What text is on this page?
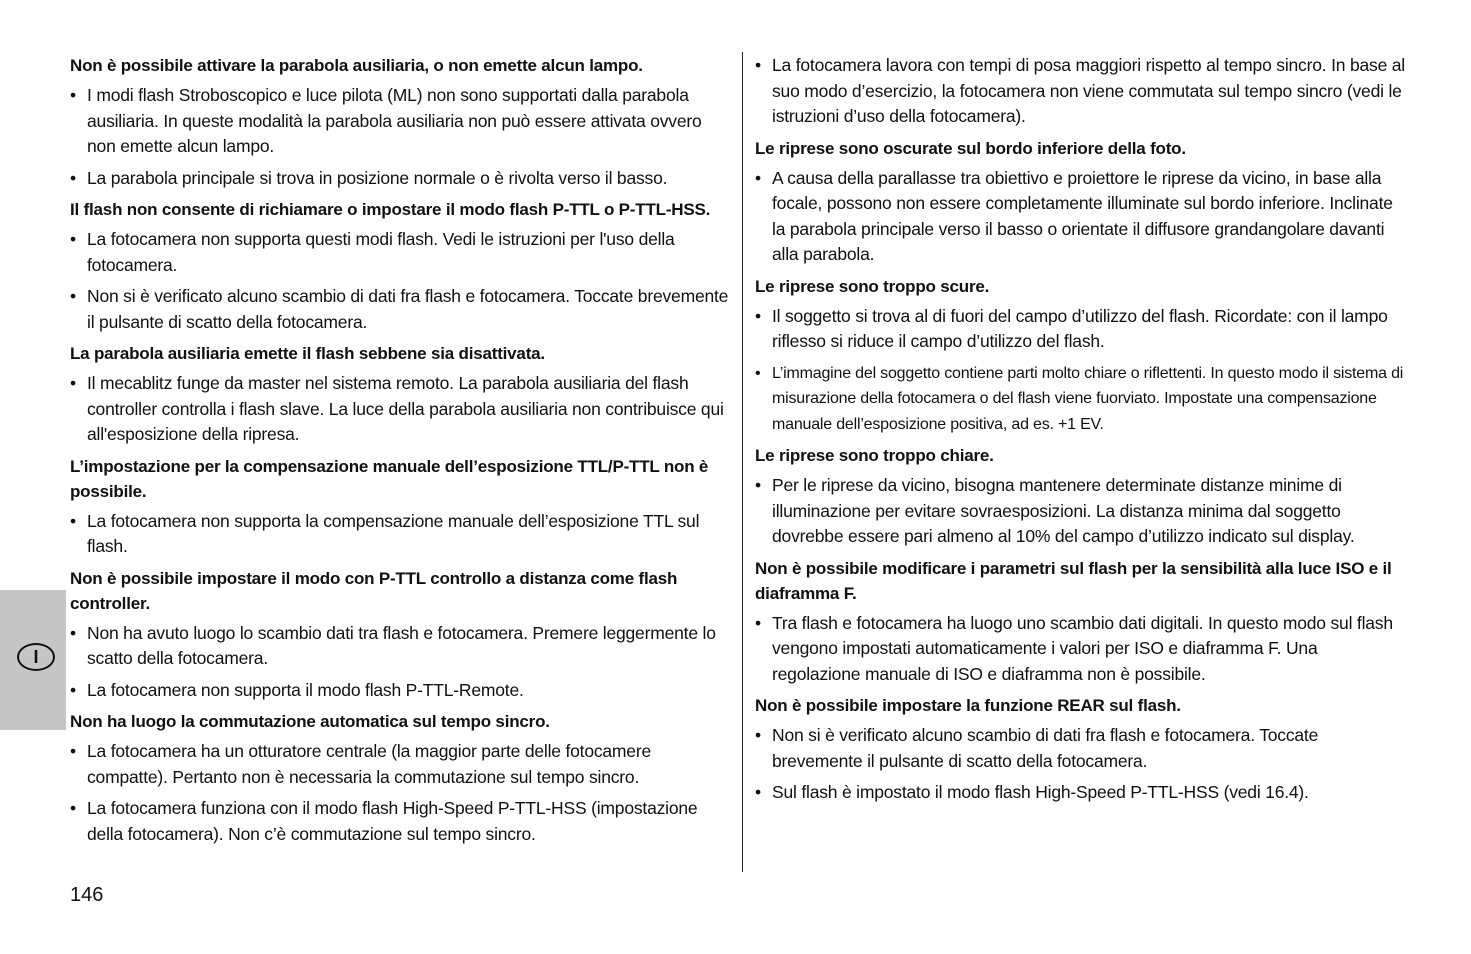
I
Non è possibile attivare la parabola ausiliaria, o non emette alcun lampo.
• I modi flash Stroboscopico e luce pilota (ML) non sono supportati dalla parabola ausiliaria. In queste modalità la parabola ausiliaria non può essere attivata ovvero non emette alcun lampo.
• La parabola principale si trova in posizione normale o è rivolta verso il basso.
Il flash non consente di richiamare o impostare il modo flash P-TTL o P-TTL-HSS.
• La fotocamera non supporta questi modi flash. Vedi le istruzioni per l'uso della fotocamera.
• Non si è verificato alcuno scambio di dati fra flash e fotocamera. Toccate brevemente il pulsante di scatto della fotocamera.
La parabola ausiliaria emette il flash sebbene sia disattivata.
• Il mecablitz funge da master nel sistema remoto. La parabola ausiliaria del flash controller controlla i flash slave. La luce della parabola ausiliaria non contribuisce qui all'esposizione della ripresa.
L’impostazione per la compensazione manuale dell’esposizione TTL/P-TTL non è possibile.
• La fotocamera non supporta la compensazione manuale dell’esposizione TTL sul flash.
Non è possibile impostare il modo con P-TTL controllo a distanza come flash controller.
• Non ha avuto luogo lo scambio dati tra flash e fotocamera. Premere leggermente lo scatto della fotocamera.
• La fotocamera non supporta il modo flash P-TTL-Remote.
Non ha luogo la commutazione automatica sul tempo sincro.
• La fotocamera ha un otturatore centrale (la maggior parte delle fotocamere compatte). Pertanto non è necessaria la commutazione sul tempo sincro.
• La fotocamera funziona con il modo flash High-Speed P-TTL-HSS (impostazione della fotocamera). Non c’è commutazione sul tempo sincro.
• La fotocamera lavora con tempi di posa maggiori rispetto al tempo sincro. In base al suo modo d’esercizio, la fotocamera non viene commutata sul tempo sincro (vedi le istruzioni d’uso della fotocamera).
Le riprese sono oscurate sul bordo inferiore della foto.
• A causa della parallasse tra obiettivo e proiettore le riprese da vicino, in base alla focale, possono non essere completamente illuminate sul bordo inferiore. Inclinate la parabola principale verso il basso o orientate il diffusore grandangolare davanti alla parabola.
Le riprese sono troppo scure.
• Il soggetto si trova al di fuori del campo d’utilizzo del flash. Ricordate: con il lampo riflesso si riduce il campo d’utilizzo del flash.
• L’immagine del soggetto contiene parti molto chiare o riflettenti. In questo modo il sistema di misurazione della fotocamera o del flash viene fuorviato. Impostate una compensazione manuale dell’esposizione positiva, ad es. +1 EV.
Le riprese sono troppo chiare.
• Per le riprese da vicino, bisogna mantenere determinate distanze minime di illuminazione per evitare sovraesposizioni. La distanza minima dal soggetto dovrebbe essere pari almeno al 10% del campo d’utilizzo indicato sul display.
Non è possibile modificare i parametri sul flash per la sensibilità alla luce ISO e il diaframma F.
• Tra flash e fotocamera ha luogo uno scambio dati digitali. In questo modo sul flash vengono impostati automaticamente i valori per ISO e diaframma F. Una regolazione manuale di ISO e diaframma non è possibile.
Non è possibile impostare la funzione REAR sul flash.
• Non si è verificato alcuno scambio di dati fra flash e fotocamera. Toccate brevemente il pulsante di scatto della fotocamera.
• Sul flash è impostato il modo flash High-Speed P-TTL-HSS (vedi 16.4).
146
